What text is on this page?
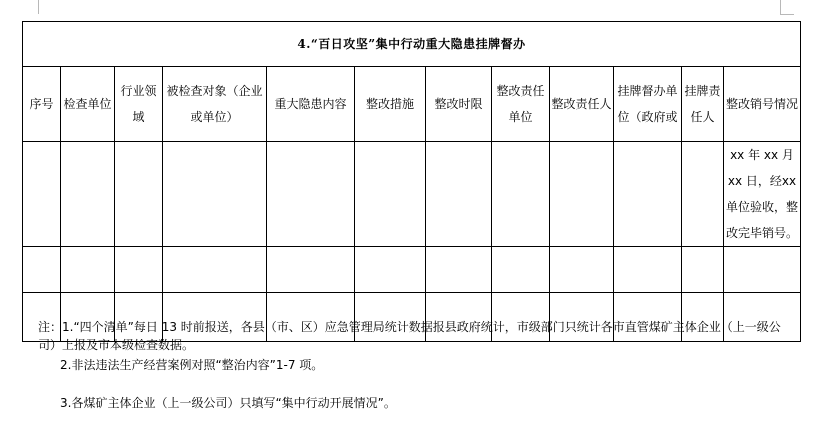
4.“百日攻坚”集中行动重大隐患挂牌督办											
序号	检查单位	行业领域	被检查对象（企业或单位）	重大隐患内容	整改措施	整改时限	整改责任单位	整改责任人	挂牌督办单位（政府或	挂牌责任人	整改销号情况
											xx 年 xx 月 xx 日，经xx单位验收，整改完毕销号。

注：1.“四个清单”每日 13 时前报送，各县（市、区）应急管理局统计数据报县政府统计，市级部门只统计各市直管煤矿主体企业（上一级公司）上报及市本级检查数据。
2.非法违法生产经营案例对照“整治内容”1-7 项。
3.各煤矿主体企业（上一级公司）只填写“集中行动开展情况”。
